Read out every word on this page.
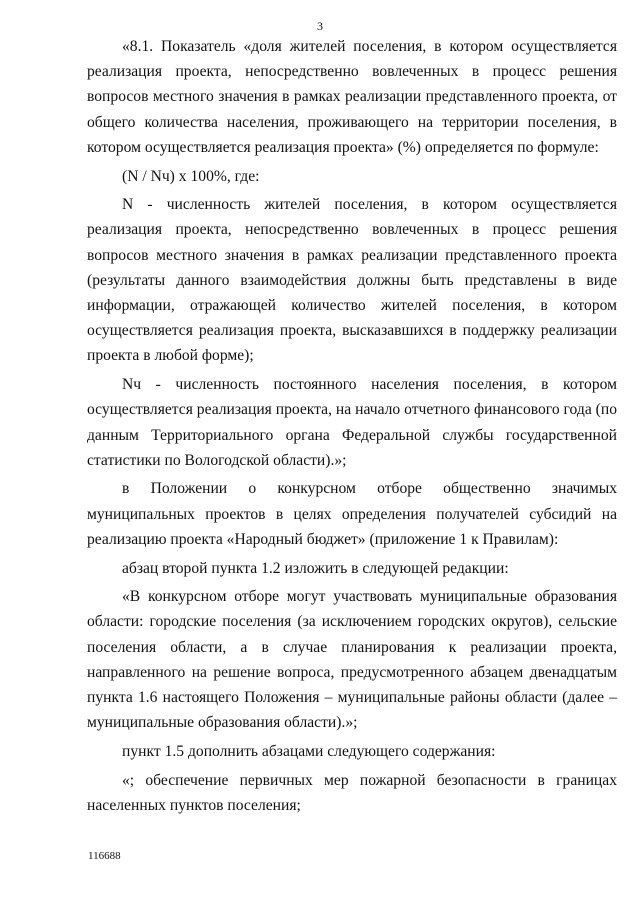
3

«8.1. Показатель «доля жителей поселения, в котором осуществляется реализация проекта, непосредственно вовлеченных в процесс решения вопросов местного значения в рамках реализации представленного проекта, от общего количества населения, проживающего на территории поселения, в котором осуществляется реализация проекта» (%) определяется по формуле:

(N / Nч) x 100%, где:

N - численность жителей поселения, в котором осуществляется реализация проекта, непосредственно вовлеченных в процесс решения вопросов местного значения в рамках реализации представленного проекта (результаты данного взаимодействия должны быть представлены в виде информации, отражающей количество жителей поселения, в котором осуществляется реализация проекта, высказавшихся в поддержку реализации проекта в любой форме);

Nч - численность постоянного населения поселения, в котором осуществляется реализация проекта, на начало отчетного финансового года (по данным Территориального органа Федеральной службы государственной статистики по Вологодской области).»;

в Положении о конкурсном отборе общественно значимых муниципальных проектов в целях определения получателей субсидий на реализацию проекта «Народный бюджет» (приложение 1 к Правилам):

абзац второй пункта 1.2 изложить в следующей редакции:

«В конкурсном отборе могут участвовать муниципальные образования области: городские поселения (за исключением городских округов), сельские поселения области, а в случае планирования к реализации проекта, направленного на решение вопроса, предусмотренного абзацем двенадцатым пункта 1.6 настоящего Положения – муниципальные районы области (далее – муниципальные образования области).»;

пункт 1.5 дополнить абзацами следующего содержания:

«; обеспечение первичных мер пожарной безопасности в границах населенных пунктов поселения;

116688
